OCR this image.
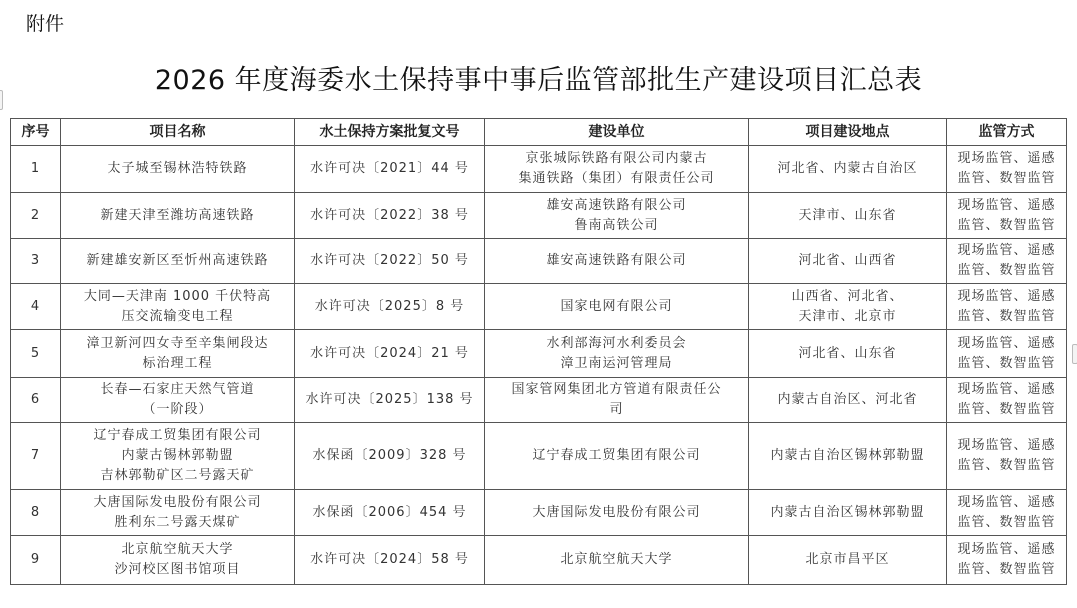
附件
2026 年度海委水土保持事中事后监管部批生产建设项目汇总表
序号	项目名称	水土保持方案批复文号	建设单位	项目建设地点	监管方式
1	太子城至锡林浩特铁路	水许可决〔2021〕44 号	京张城际铁路有限公司内蒙古
集通铁路（集团）有限责任公司	河北省、内蒙古自治区	现场监管、遥感
监管、数智监管

2	新建天津至潍坊高速铁路	水许可决〔2022〕38 号	雄安高速铁路有限公司
鲁南高铁公司	天津市、山东省	现场监管、遥感
监管、数智监管

3	新建雄安新区至忻州高速铁路	水许可决〔2022〕50 号	雄安高速铁路有限公司	河北省、山西省	现场监管、遥感
监管、数智监管

4	大同—天津南 1000 千伏特高
压交流输变电工程	水许可决〔2025〕8 号	国家电网有限公司	山西省、河北省、
天津市、北京市	现场监管、遥感
监管、数智监管

5	漳卫新河四女寺至辛集闸段达
标治理工程	水许可决〔2024〕21 号	水利部海河水利委员会
漳卫南运河管理局	河北省、山东省	现场监管、遥感
监管、数智监管

6	长春—石家庄天然气管道
（一阶段）	水许可决〔2025〕138 号	国家管网集团北方管道有限责任公
司	内蒙古自治区、河北省	现场监管、遥感
监管、数智监管

7	辽宁春成工贸集团有限公司
内蒙古锡林郭勒盟
吉林郭勒矿区二号露天矿	水保函〔2009〕328 号	辽宁春成工贸集团有限公司	内蒙古自治区锡林郭勒盟	现场监管、遥感
监管、数智监管

8	大唐国际发电股份有限公司
胜利东二号露天煤矿	水保函〔2006〕454 号	大唐国际发电股份有限公司	内蒙古自治区锡林郭勒盟	现场监管、遥感
监管、数智监管

9	北京航空航天大学
沙河校区图书馆项目	水许可决〔2024〕58 号	北京航空航天大学	北京市昌平区	现场监管、遥感
监管、数智监管
